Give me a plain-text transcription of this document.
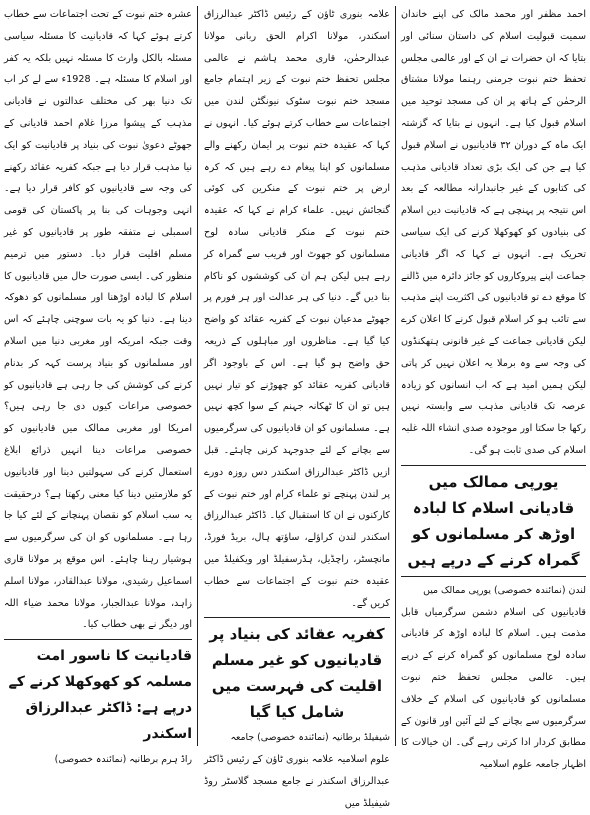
احمد مظفر اور محمد مالک کی اپنے خاندان سمیت قبولیت اسلام کی داستان سنائی اور بتایا کہ ان حضرات نے ان کے اور عالمی مجلس تحفظ ختم نبوت جرمنی رہنما مولانا مشتاق الرحمٰن کے ہاتھ پر ان کی مسجد توحید میں اسلام قبول کیا ہے۔ انہوں نے بتایا کہ گزشتہ ایک ماہ کے دوران ۳۲ قادیانیوں نے اسلام قبول کیا ہے جن کی ایک بڑی تعداد قادیانی مذہب کی کتابوں کے غیر جانبدارانہ مطالعہ کے بعد اس نتیجہ پر پہنچی ہے کہ قادیانیت دین اسلام کی بنیادوں کو کھوکھلا کرنے کی ایک سیاسی تحریک ہے۔ انہوں نے کہا کہ اگر قادیانی جماعت اپنے پیروکاروں کو جائز دائرہ میں ڈالنے کا موقع دے تو قادیانیوں کی اکثریت اپنے مذہب سے تائب ہو کر اسلام قبول کرنے کا اعلان کرے لیکن قادیانی جماعت کے غیر قانونی ہتھکنڈوں کی وجہ سے وہ برملا یہ اعلان نہیں کر پاتی لیکن ہمیں امید ہے کہ اب انسانوں کو زیادہ عرصہ تک قادیانی مذہب سے وابستہ نہیں رکھا جا سکتا اور موجودہ صدی انشاء اللہ غلبہ اسلام کی صدی ثابت ہو گی۔

یورپی ممالک میں قادیانی اسلام کا لبادہ اوڑھ کر مسلمانوں کو گمراہ کرنے کے درپے ہیں

لندن (نمائندہ خصوصی) یورپی ممالک میں

قادیانیوں کی اسلام دشمن سرگرمیاں قابل مذمت ہیں۔ اسلام کا لبادہ اوڑھ کر قادیانی سادہ لوح مسلمانوں کو گمراہ کرنے کے درپے ہیں۔ عالمی مجلس تحفظ ختم نبوت مسلمانوں کو قادیانیوں کی اسلام کے خلاف سرگرمیوں سے بچانے کے لئے آئین اور قانون کے مطابق کردار ادا کرتی رہے گی۔ ان خیالات کا اظہار جامعہ علوم اسلامیہ

علامہ بنوری ٹاؤن کے رئیس ڈاکٹر عبدالرزاق اسکندر، مولانا اکرام الحق ربانی مولانا عبدالرحمٰن، قاری محمد ہاشم نے عالمی مجلس تحفظ ختم نبوت کے زیر اہتمام جامع مسجد ختم نبوت سٹوک نیونگٹن لندن میں اجتماعات سے خطاب کرتے ہوئے کیا۔ انہوں نے کہا کہ عقیدہ ختم نبوت پر ایمان رکھنے والے مسلمانوں کو اپنا پیغام دے رہے ہیں کہ کرہ ارض پر ختم نبوت کے منکرین کی کوئی گنجائش نہیں۔ علماء کرام نے کہا کہ عقیدہ ختم نبوت کے منکر قادیانی سادہ لوح مسلمانوں کو جھوٹ اور فریب سے گمراہ کر رہے ہیں لیکن ہم ان کی کوششوں کو ناکام بنا دیں گے۔ دنیا کی ہر عدالت اور ہر فورم پر جھوٹے مدعیان نبوت کے کفریہ عقائد کو واضح کیا گیا ہے۔ مناظروں اور مباہلوں کے ذریعہ حق واضح ہو گیا ہے۔ اس کے باوجود اگر قادیانی کفریہ عقائد کو چھوڑنے کو تیار نہیں ہیں تو ان کا ٹھکانہ جہنم کے سوا کچھ نہیں ہے۔ مسلمانوں کو ان قادیانیوں کی سرگرمیوں سے بچانے کے لئے جدوجہد کرنی چاہئے۔ قبل ازیں ڈاکٹر عبدالرزاق اسکندر دس روزہ دورے پر لندن پہنچے تو علماء کرام اور ختم نبوت کے کارکنوں نے ان کا استقبال کیا۔ ڈاکٹر عبدالرزاق اسکندر لندن کراؤلے، ساؤتھ ہال، بریڈ فورڈ، مانچسٹر، راچڈیل، ہڈرسفیلڈ اور ویکفیلڈ میں عقیدہ ختم نبوت کے اجتماعات سے خطاب کریں گے۔

کفریہ عقائد کی بنیاد پر قادیانیوں کو غیر مسلم اقلیت کی فہرست میں شامل کیا گیا

شیفیلڈ برطانیہ (نمائندہ خصوصی) جامعہ

علوم اسلامیہ علامہ بنوری ٹاؤن کے رئیس ڈاکٹر عبدالرزاق اسکندر نے جامع مسجد گلاسٹر روڈ شیفیلڈ میں

عشرہ ختم نبوت کے تحت اجتماعات سے خطاب کرتے ہوئے کہا کہ قادیانیت کا مسئلہ سیاسی مسئلہ بالکل وارث کا مسئلہ نہیں بلکہ یہ کفر اور اسلام کا مسئلہ ہے۔ 1928ء سے لے کر اب تک دنیا بھر کی مختلف عدالتوں نے قادیانی مذہب کے پیشوا مرزا غلام احمد قادیانی کے جھوٹے دعویٰ نبوت کی بنیاد پر قادیانیت کو ایک نیا مذہب قرار دیا ہے جبکہ کفریہ عقائد رکھنے کی وجہ سے قادیانیوں کو کافر قرار دیا ہے۔ انہی وجوہات کی بنا پر پاکستان کی قومی اسمبلی نے متفقہ طور پر قادیانیوں کو غیر مسلم اقلیت قرار دیا۔ دستور میں ترمیم منظور کی۔ ایسی صورت حال میں قادیانیوں کا اسلام کا لبادہ اوڑھنا اور مسلمانوں کو دھوکہ دینا ہے۔ دنیا کو یہ بات سوچنی چاہئے کہ اس وقت جبکہ امریکہ اور مغربی دنیا میں اسلام اور مسلمانوں کو بنیاد پرست کہہ کر بدنام کرنے کی کوشش کی جا رہی ہے قادیانیوں کو خصوصی مراعات کیوں دی جا رہی ہیں؟ امریکا اور مغربی ممالک میں قادیانیوں کو خصوصی مراعات دینا انہیں ذرائع ابلاغ استعمال کرنے کی سہولتیں دینا اور قادیانیوں کو ملازمتیں دینا کیا معنی رکھتا ہے؟ درحقیقت یہ سب اسلام کو نقصان پہنچانے کے لئے کیا جا رہا ہے۔ مسلمانوں کو ان کی سرگرمیوں سے ہوشیار رہنا چاہئے۔ اس موقع پر مولانا قاری اسماعیل رشیدی، مولانا عبدالقادر، مولانا اسلم زاہد، مولانا عبدالجبار، مولانا محمد ضیاء اللہ اور دیگر نے بھی خطاب کیا۔

قادیانیت کا ناسور امت مسلمہ کو کھوکھلا کرنے کے درپے ہے: ڈاکٹر عبدالرزاق اسکندر

راڈ ہرم برطانیہ (نمائندہ خصوصی)
